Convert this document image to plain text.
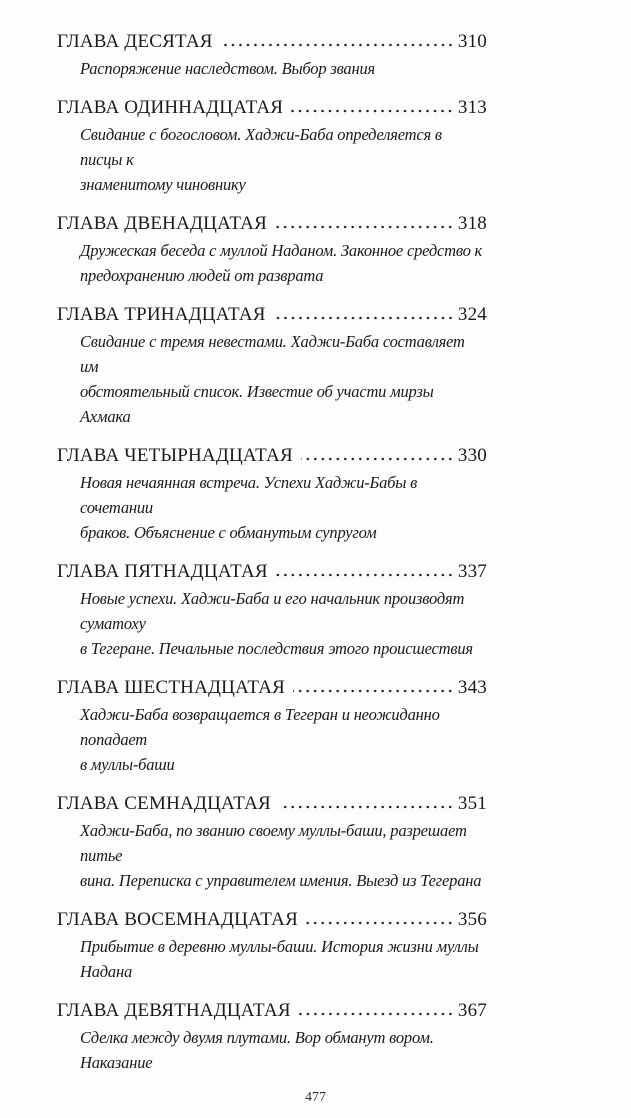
ГЛАВА ДЕСЯТАЯ	310
Распоряжение наследством. Выбор звания
ГЛАВА ОДИННАДЦАТАЯ	313
Свидание с богословом. Хаджи-Баба определяется в писцы к
знаменитому чиновнику
ГЛАВА ДВЕНАДЦАТАЯ	318
Дружеская беседа с муллой Наданом. Законное средство к
предохранению людей от разврата
ГЛАВА ТРИНАДЦАТАЯ	324
Свидание с тремя невестами. Хаджи-Баба составляет им
обстоятельный список. Известие об участи мирзы Ахмака
ГЛАВА ЧЕТЫРНАДЦАТАЯ	330
Новая нечаянная встреча. Успехи Хаджи-Бабы в сочетании
браков. Объяснение с обманутым супругом
ГЛАВА ПЯТНАДЦАТАЯ	337
Новые успехи. Хаджи-Баба и его начальник производят суматоху
в Тегеране. Печальные последствия этого происшествия
ГЛАВА ШЕСТНАДЦАТАЯ	343
Хаджи-Баба возвращается в Тегеран и неожиданно попадает
в муллы-баши
ГЛАВА СЕМНАДЦАТАЯ	351
Хаджи-Баба, по званию своему муллы-баши, разрешает питье
вина. Переписка с управителем имения. Выезд из Тегерана
ГЛАВА ВОСЕМНАДЦАТАЯ	356
Прибытие в деревню муллы-баши. История жизни муллы Надана
ГЛАВА ДЕВЯТНАДЦАТАЯ	367
Сделка между двумя плутами. Вор обманут вором. Наказание
477
